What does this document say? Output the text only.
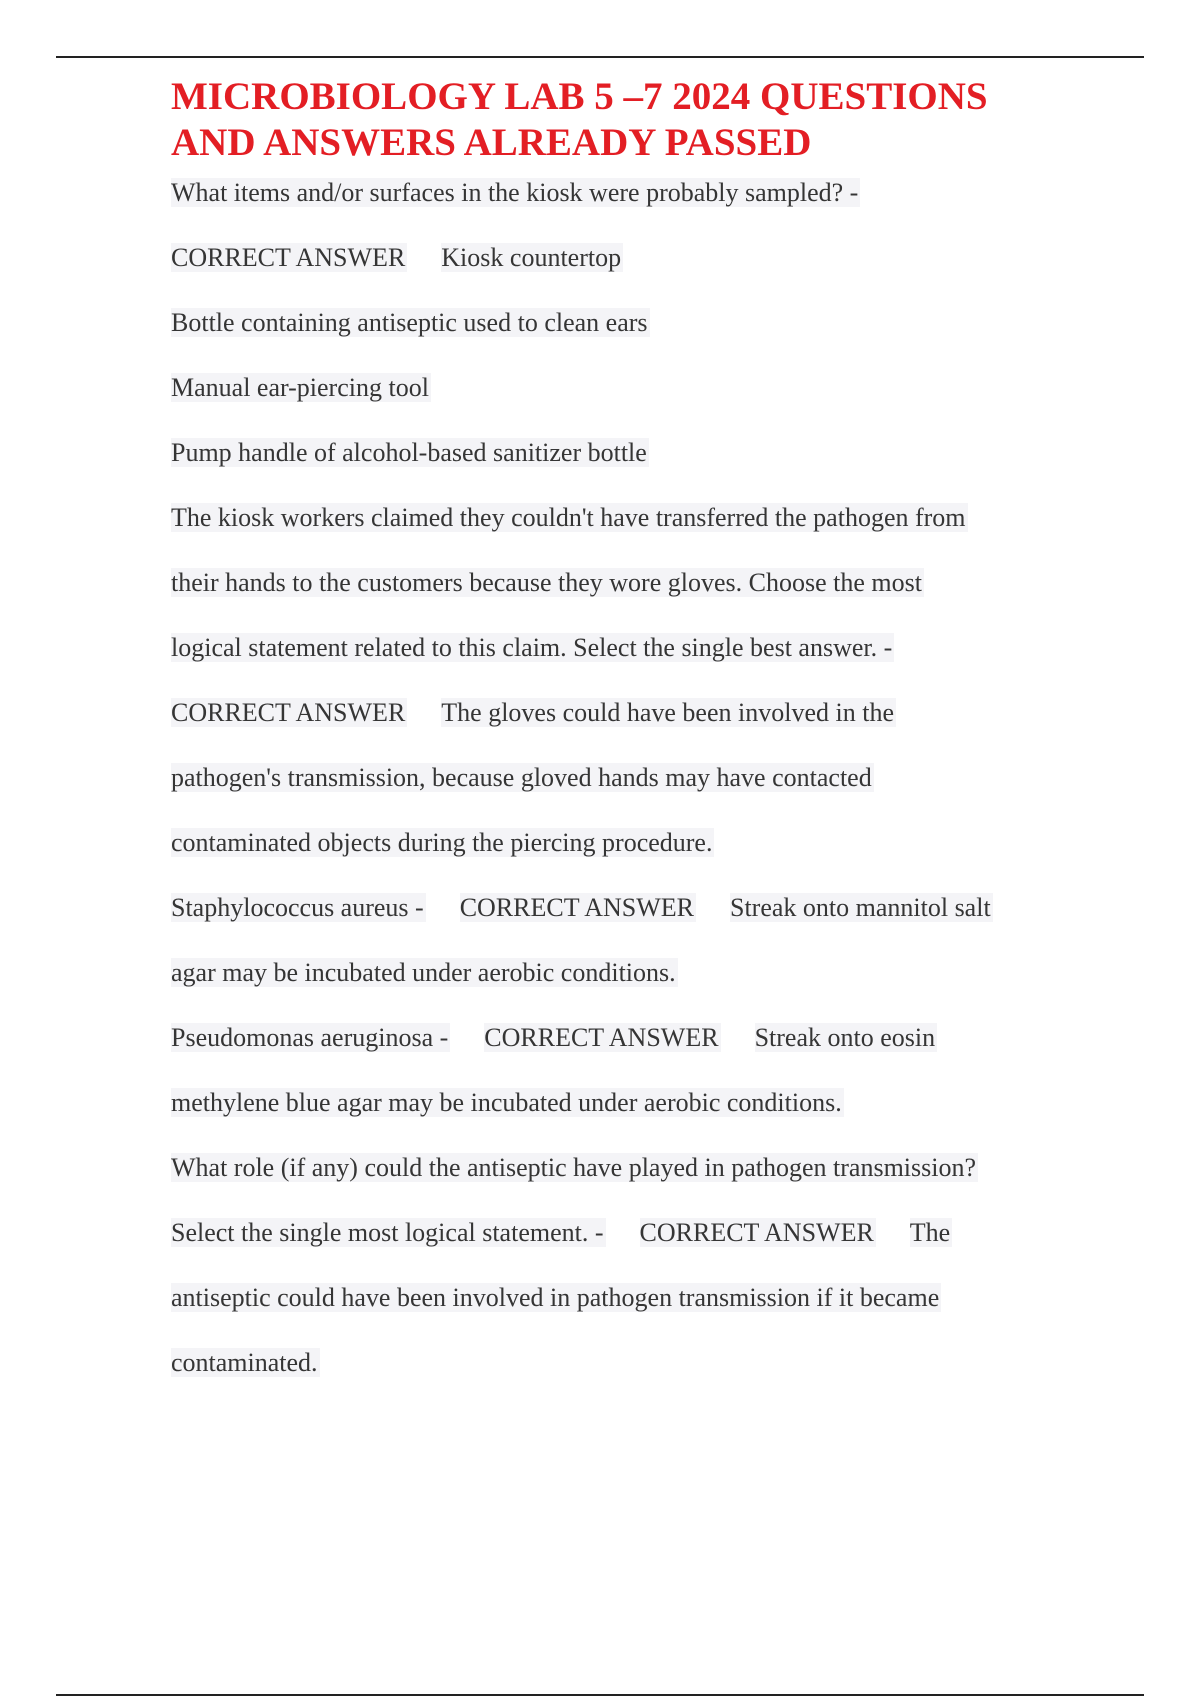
MICROBIOLOGY LAB 5 –7 2024 QUESTIONS
AND ANSWERS ALREADY PASSED
What items and/or surfaces in the kiosk were probably sampled? -
CORRECT ANSWER Kiosk countertop
Bottle containing antiseptic used to clean ears
Manual ear-piercing tool
Pump handle of alcohol-based sanitizer bottle
The kiosk workers claimed they couldn't have transferred the pathogen from
their hands to the customers because they wore gloves. Choose the most
logical statement related to this claim. Select the single best answer. -
CORRECT ANSWER The gloves could have been involved in the
pathogen's transmission, because gloved hands may have contacted
contaminated objects during the piercing procedure.
Staphylococcus aureus - CORRECT ANSWER Streak onto mannitol salt
agar may be incubated under aerobic conditions.
Pseudomonas aeruginosa - CORRECT ANSWER Streak onto eosin
methylene blue agar may be incubated under aerobic conditions.
What role (if any) could the antiseptic have played in pathogen transmission?
Select the single most logical statement. - CORRECT ANSWER The
antiseptic could have been involved in pathogen transmission if it became
contaminated.
